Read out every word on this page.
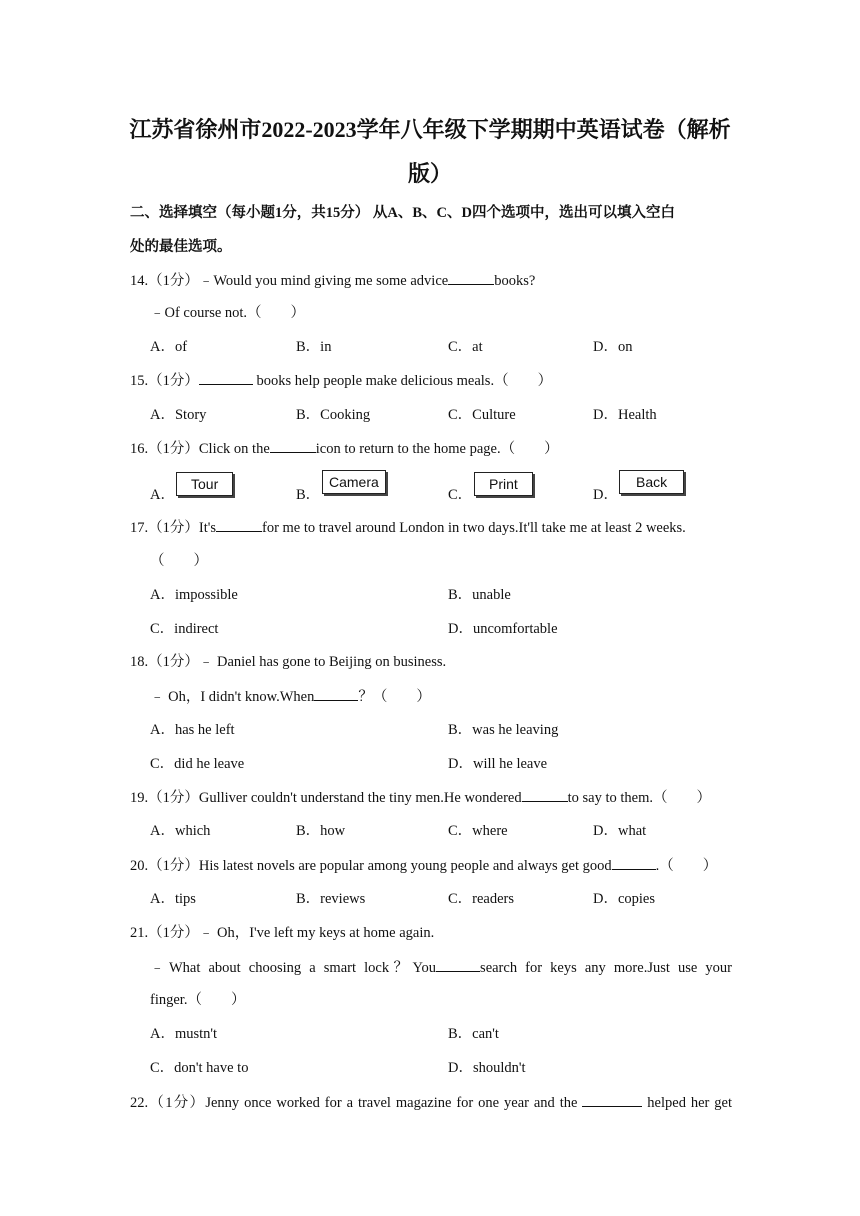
江苏省徐州市2022-2023学年八年级下学期期中英语试卷（解析
版）
二、选择填空（每小题1分，共15分） 从A、B、C、D四个选项中，选出可以填入空白
处的最佳选项。
14.（1分）﹣Would you mind giving me some advice	books?
﹣Of course not.（　　）
A．of	B．in	C．at	D．on
15.（1分）	books help people make delicious meals.（　　）
A．Story	B．Cooking	C．Culture	D．Health
16.（1分）Click on the	icon to return to the home page.（　　）
A．
Tour
B．
Camera
C．
Print
D．
Back
17.（1分）It's	for me to travel around London in two days.It'll take me at least 2 weeks.
（　　）
A．impossible	B．unable
C．indirect	D．uncomfortable
18.（1分）﹣ Daniel has gone to Beijing on business.
﹣ Oh，I didn't know.When	？（　　）
A．has he left	B．was he leaving
C．did he leave	D．will he leave
19.（1分）Gulliver couldn't understand the tiny men.He wondered	to say to them.（　　）
A．which	B．how	C．where	D．what
20.（1分）His latest novels are popular among young people and always get good	.（　　）
A．tips	B．reviews	C．readers	D．copies
21.（1分）﹣ Oh，I've left my keys at home again.
﹣What about choosing a smart lock？You	search for keys any more.Just use your
finger.（　　）
A．mustn't	B．can't
C．don't have to	D．shouldn't
22.（1分）Jenny once worked for a travel magazine for one year and the	helped her get
